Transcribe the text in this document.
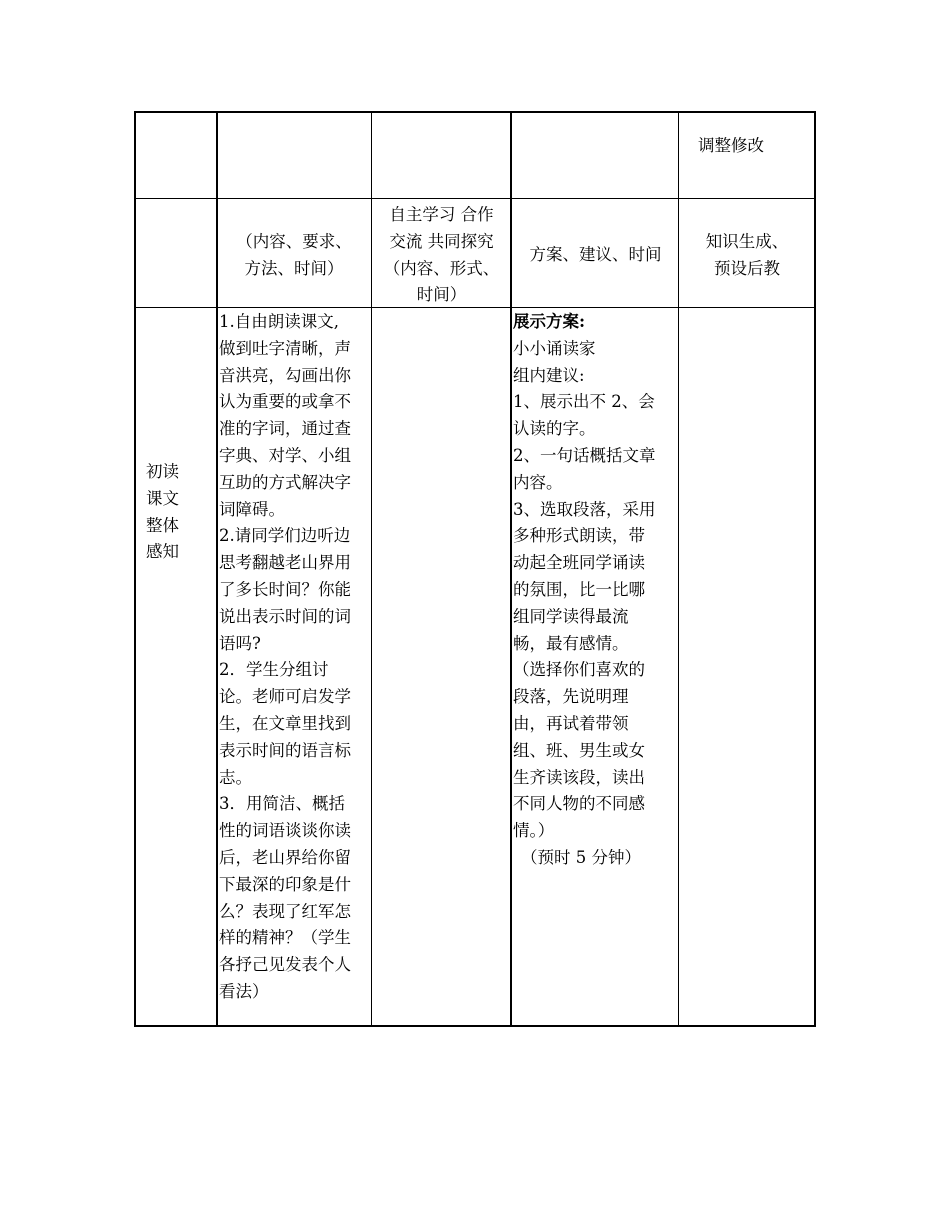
调整修改

（内容、要求、

方法、时间）

自主学习 合作

交流 共同探究

（内容、形式、

时间）

方案、建议、时间

知识生成、

预设后教

初读

课文

整体

感知

1.自由朗读课文,

做到吐字清晰，声

音洪亮，勾画出你

认为重要的或拿不

准的字词，通过查

字典、对学、小组

互助的方式解决字

词障碍。

2.请同学们边听边

思考翻越老山界用

了多长时间？你能

说出表示时间的词

语吗?

2．学生分组讨

论。老师可启发学

生，在文章里找到

表示时间的语言标

志。

3．用简洁、概括

性的词语谈谈你读

后，老山界给你留

下最深的印象是什

么？表现了红军怎

样的精神？（学生

各抒己见发表个人

看法）

展示方案:

小小诵读家

组内建议:

1、展示出不 2、会

认读的字。

2、一句话概括文章

内容。

3、选取段落，采用

多种形式朗读，带

动起全班同学诵读

的氛围，比一比哪

组同学读得最流

畅，最有感情。

（选择你们喜欢的

段落，先说明理

由，再试着带领

组、班、男生或女

生齐读该段，读出

不同人物的不同感

情。）

（预时 5 分钟）
